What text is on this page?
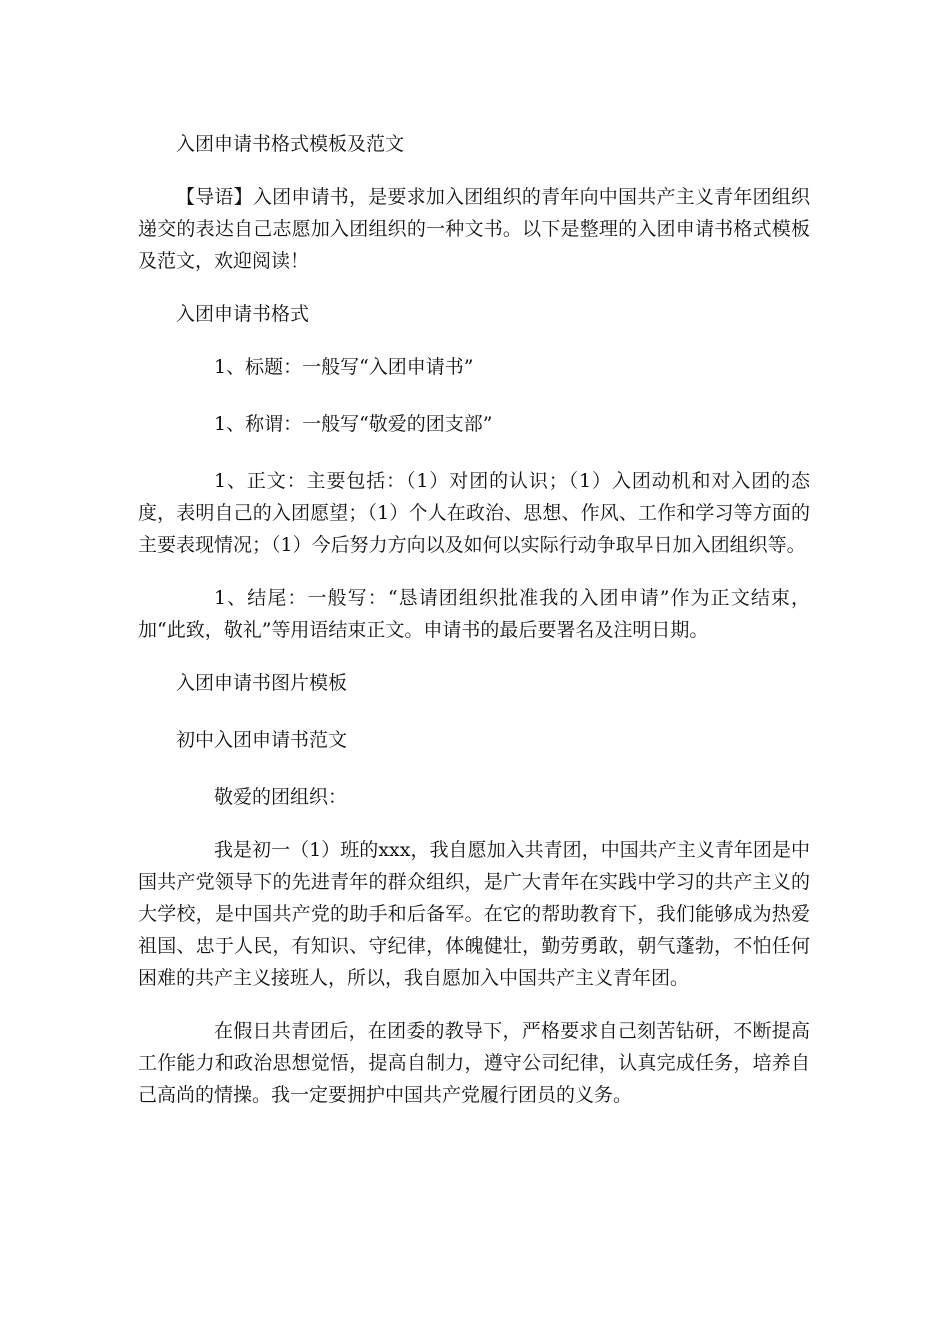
入团申请书格式模板及范文

【导语】入团申请书，是要求加入团组织的青年向中国共产主义青年团组织递交的表达自己志愿加入团组织的一种文书。以下是整理的入团申请书格式模板及范文，欢迎阅读！

入团申请书格式

1、标题：一般写“入团申请书”

1、称谓：一般写“敬爱的团支部”

1、正文：主要包括：（1）对团的认识；（1）入团动机和对入团的态度，表明自己的入团愿望；（1）个人在政治、思想、作风、工作和学习等方面的主要表现情况；（1）今后努力方向以及如何以实际行动争取早日加入团组织等。

1、结尾：一般写：“恳请团组织批准我的入团申请”作为正文结束，加“此致，敬礼”等用语结束正文。申请书的最后要署名及注明日期。

入团申请书图片模板

初中入团申请书范文

敬爱的团组织：

我是初一（1）班的xxx，我自愿加入共青团，中国共产主义青年团是中国共产党领导下的先进青年的群众组织，是广大青年在实践中学习的共产主义的大学校，是中国共产党的助手和后备军。在它的帮助教育下，我们能够成为热爱祖国、忠于人民，有知识、守纪律，体魄健壮，勤劳勇敢，朝气蓬勃，不怕任何困难的共产主义接班人，所以，我自愿加入中国共产主义青年团。

在假日共青团后，在团委的教导下，严格要求自己刻苦钻研，不断提高工作能力和政治思想觉悟，提高自制力，遵守公司纪律，认真完成任务，培养自己高尚的情操。我一定要拥护中国共产党履行团员的义务。
